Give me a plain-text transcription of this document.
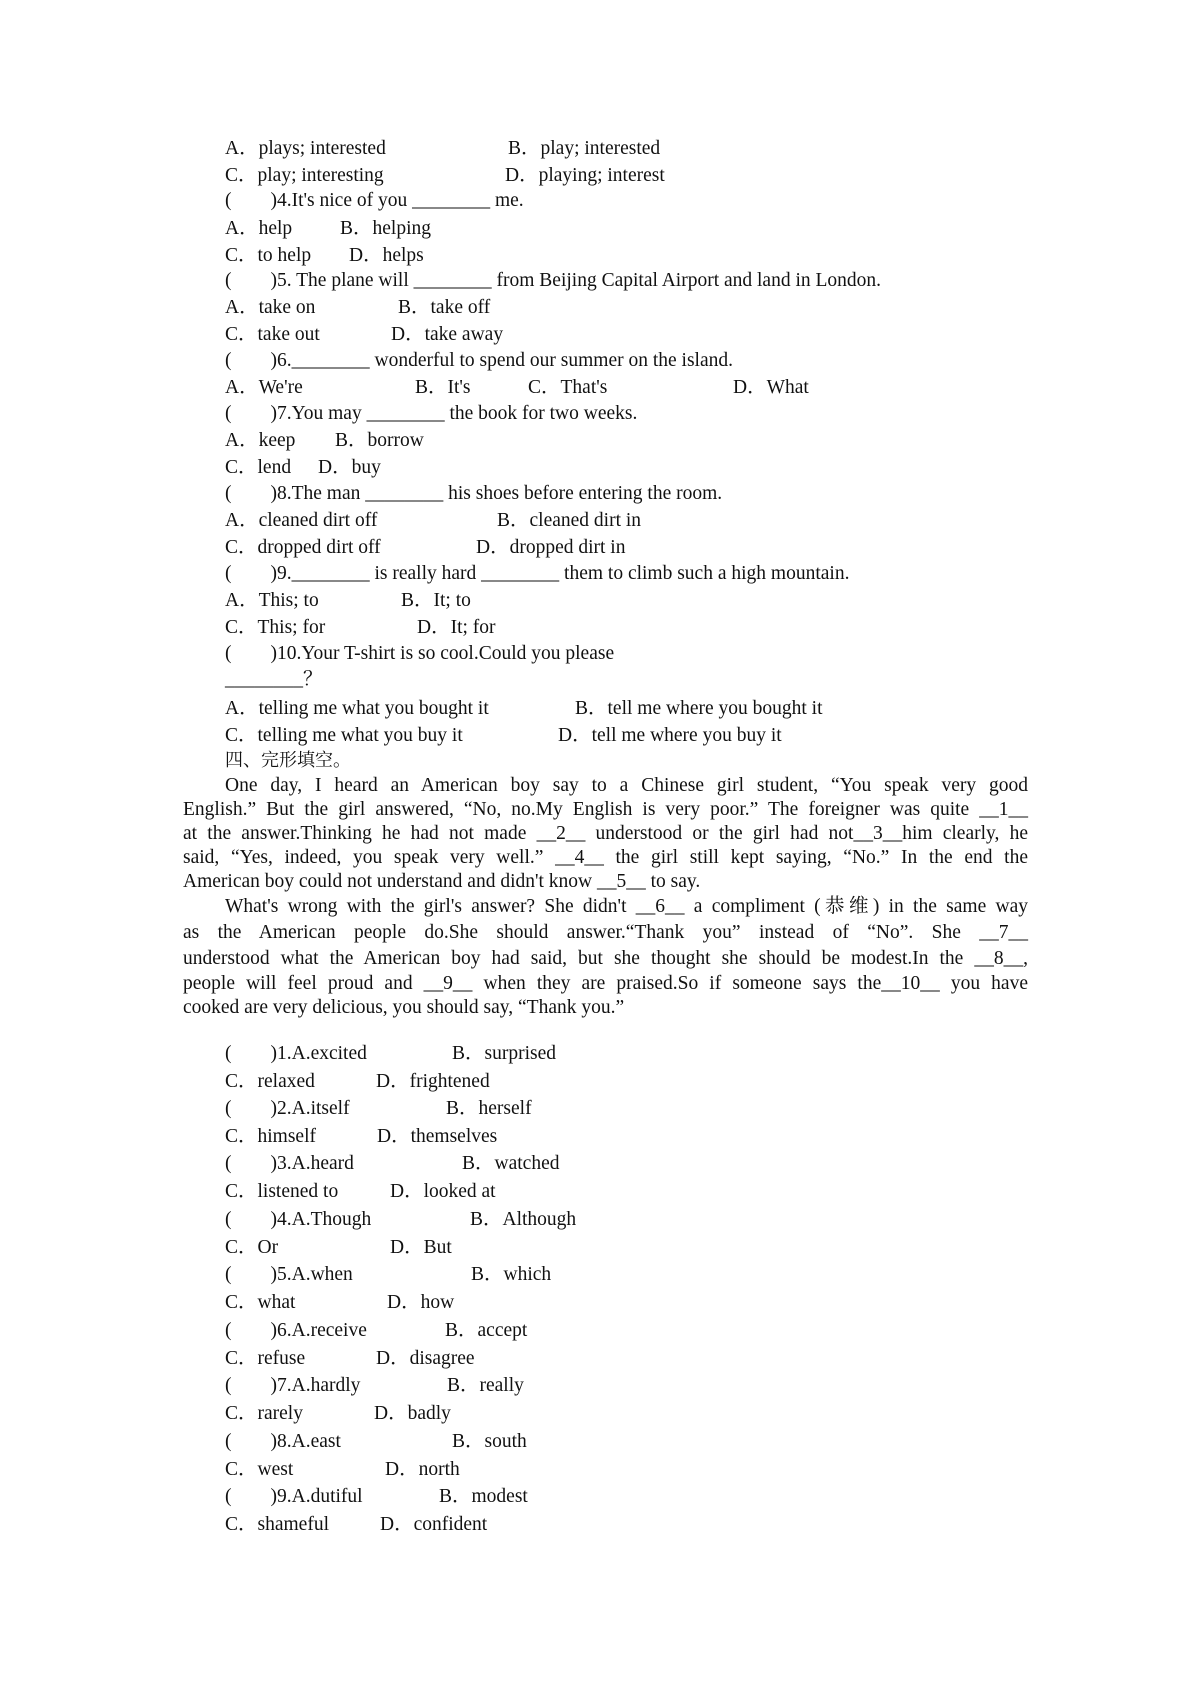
A．plays; interested

	B．play; interested

C．play; interesting

	D．playing; interest

(        )4.It's nice of you ________ me.

A．help

B．helping

C．to help

D．helps

(        )5. The plane will ________ from Beijing Capital Airport and land in London.

A．take on

	B．take off

C．take out

	D．take away

(        )6.________ wonderful to spend our summer on the island.

A．We're

	B．It's

	C．That's

	D．What

(        )7.You may ________ the book for two weeks.

A．keep

B．borrow

C．lend

D．buy

(        )8.The man ________ his shoes before entering the room.

A．cleaned dirt off

	B．cleaned dirt in

C．dropped dirt off

	D．dropped dirt in

(        )9.________ is really hard ________ them to climb such a high mountain.

A．This; to

	B．It; to

C．This; for

	D．It; for

(        )10.Your T-shirt is so cool.Could you please
________？

A．telling me what you bought it

	B．tell me where you bought it

C．telling me what you buy it

	D．tell me where you buy it

四、完形填空。
One day, I heard an American boy say to a Chinese girl student, “You speak very good
English.” But the girl answered, “No, no.My English is very poor.” The foreigner was quite __1__
at the answer.Thinking he had not made __2__ understood or the girl had not__3__him clearly, he
said, “Yes, indeed, you speak very well.” __4__ the girl still kept saying, “No.” In the end the
American boy could not understand and didn't know __5__ to say.
What's wrong with the girl's answer? She didn't __6__ a compliment (恭维) in the same way
as the American people do.She should answer.“Thank you” instead of “No”. She __7__
understood what the American boy had said, but she thought she should be modest.In the __8__,
people will feel proud and __9__ when they are praised.So if someone says the__10__ you have
cooked are very delicious, you should say, “Thank you.”
(        )1.A.excited	B．surprised
C．relaxed	D．frightened
(        )2.A.itself	B．herself
C．himself	D．themselves
(        )3.A.heard	B．watched
C．listened to	D．looked at
(        )4.A.Though	B．Although
C．Or	D．But
(        )5.A.when	B．which
C．what	D．how
(        )6.A.receive	B．accept
C．refuse	D．disagree
(        )7.A.hardly	B．really
C．rarely	D．badly
(        )8.A.east	B．south
C．west	D．north
(        )9.A.dutiful	B．modest
C．shameful	D．confident
